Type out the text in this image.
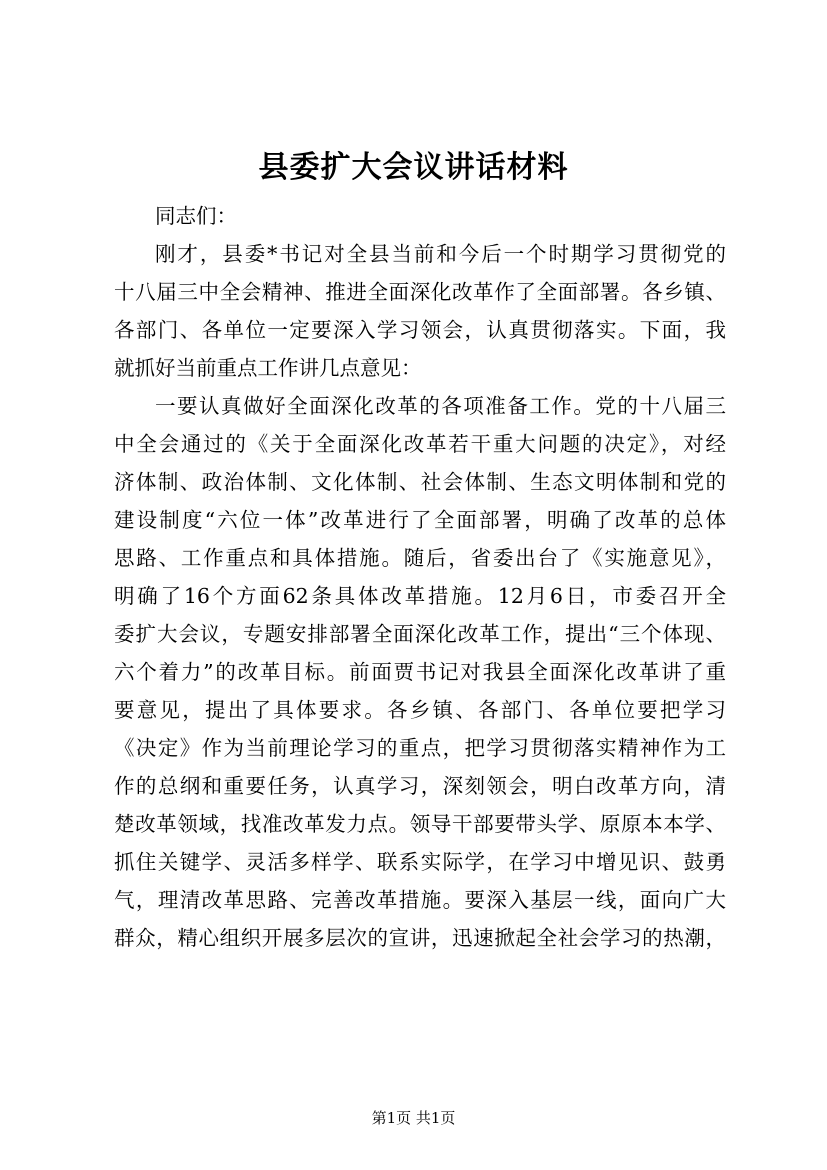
县委扩大会议讲话材料
同志们：
刚才，县委*书记对全县当前和今后一个时期学习贯彻党的
十八届三中全会精神、推进全面深化改革作了全面部署。各乡镇、
各部门、各单位一定要深入学习领会，认真贯彻落实。下面，我
就抓好当前重点工作讲几点意见：
一要认真做好全面深化改革的各项准备工作。党的十八届三
中全会通过的《关于全面深化改革若干重大问题的决定》，对经
济体制、政治体制、文化体制、社会体制、生态文明体制和党的
建设制度“六位一体”改革进行了全面部署，明确了改革的总体
思路、工作重点和具体措施。随后，省委出台了《实施意见》，
明确了16个方面62条具体改革措施。12月6日，市委召开全
委扩大会议，专题安排部署全面深化改革工作，提出“三个体现、
六个着力”的改革目标。前面贾书记对我县全面深化改革讲了重
要意见，提出了具体要求。各乡镇、各部门、各单位要把学习
《决定》作为当前理论学习的重点，把学习贯彻落实精神作为工
作的总纲和重要任务，认真学习，深刻领会，明白改革方向，清
楚改革领域，找准改革发力点。领导干部要带头学、原原本本学、
抓住关键学、灵活多样学、联系实际学，在学习中增见识、鼓勇
气，理清改革思路、完善改革措施。要深入基层一线，面向广大
群众，精心组织开展多层次的宣讲，迅速掀起全社会学习的热潮，
第1页 共1页
